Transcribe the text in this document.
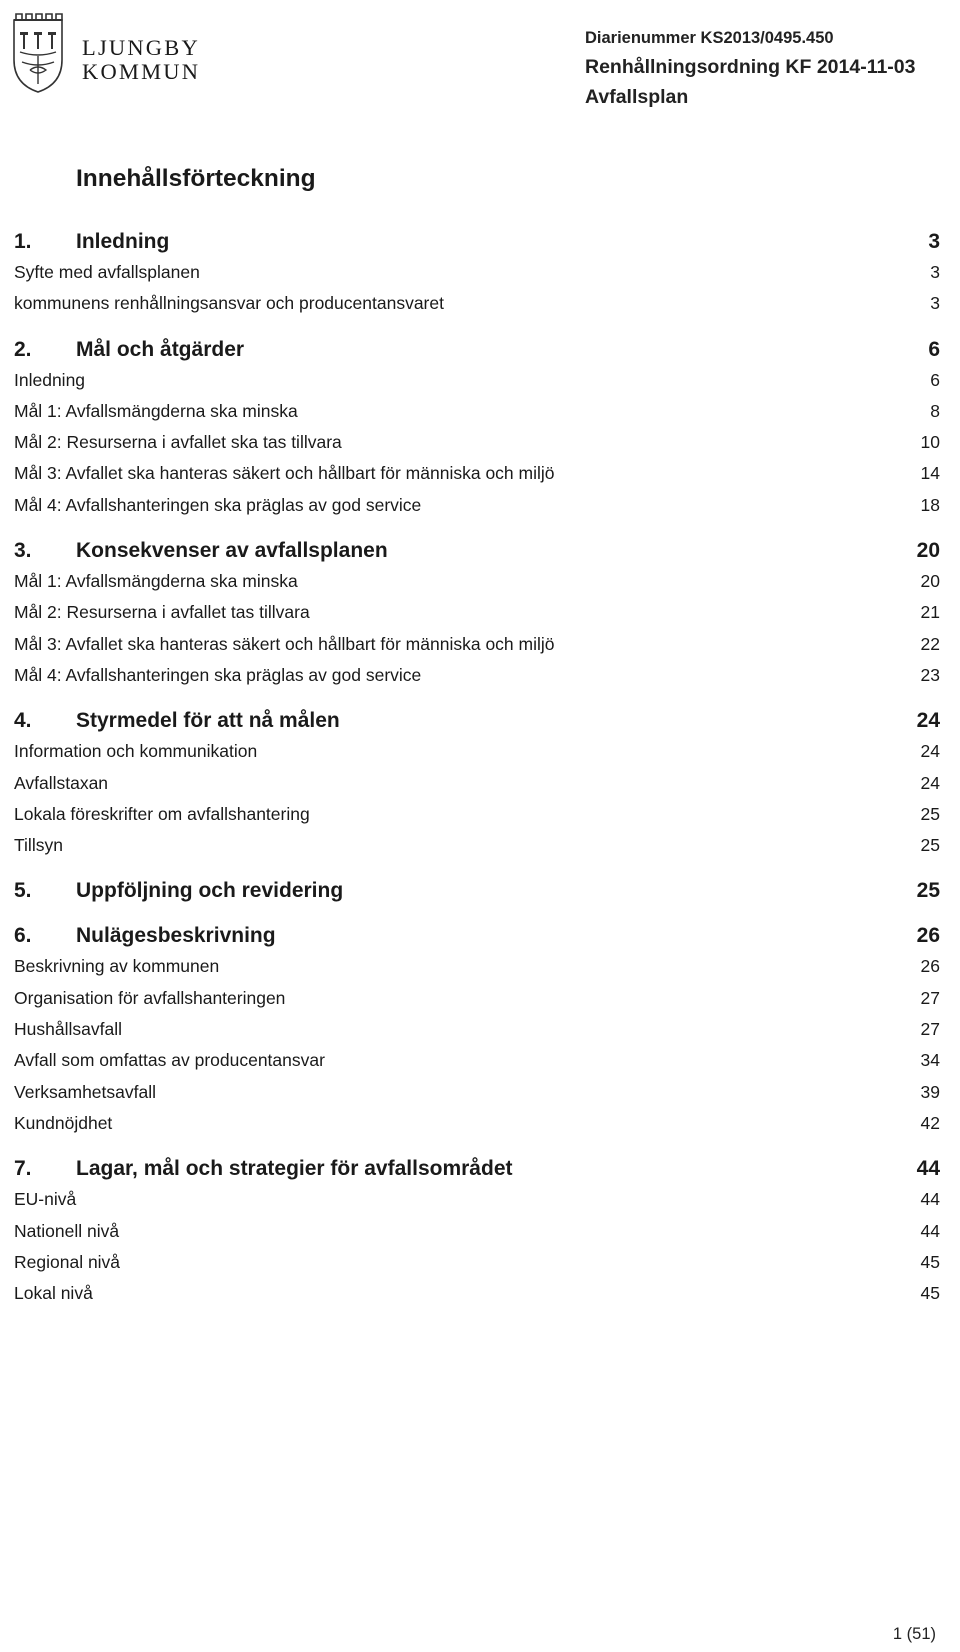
LJUNGBY
KOMMUN
Diarienummer KS2013/0495.450
Renhållningsordning KF 2014-11-03
Avfallsplan
Innehållsförteckning
1.	Inledning	3
Syfte med avfallsplanen	3
kommunens renhållningsansvar och producentansvaret	3
2.	Mål och åtgärder	6
Inledning	6
Mål 1: Avfallsmängderna ska minska	8
Mål 2: Resurserna i avfallet ska tas tillvara	10
Mål 3: Avfallet ska hanteras säkert och hållbart för människa och miljö	14
Mål 4: Avfallshanteringen ska präglas av god service	18
3.	Konsekvenser av avfallsplanen	20
Mål 1: Avfallsmängderna ska minska	20
Mål 2: Resurserna i avfallet tas tillvara	21
Mål 3: Avfallet ska hanteras säkert och hållbart för människa och miljö	22
Mål 4: Avfallshanteringen ska präglas av god service	23
4.	Styrmedel för att nå målen	24
Information och kommunikation	24
Avfallstaxan	24
Lokala föreskrifter om avfallshantering	25
Tillsyn	25
5.	Uppföljning och revidering	25
6.	Nulägesbeskrivning	26
Beskrivning av kommunen	26
Organisation för avfallshanteringen	27
Hushållsavfall	27
Avfall som omfattas av producentansvar	34
Verksamhetsavfall	39
Kundnöjdhet	42
7.	Lagar, mål och strategier för avfallsområdet	44
EU-nivå	44
Nationell nivå	44
Regional nivå	45
Lokal nivå	45
1 (51)
